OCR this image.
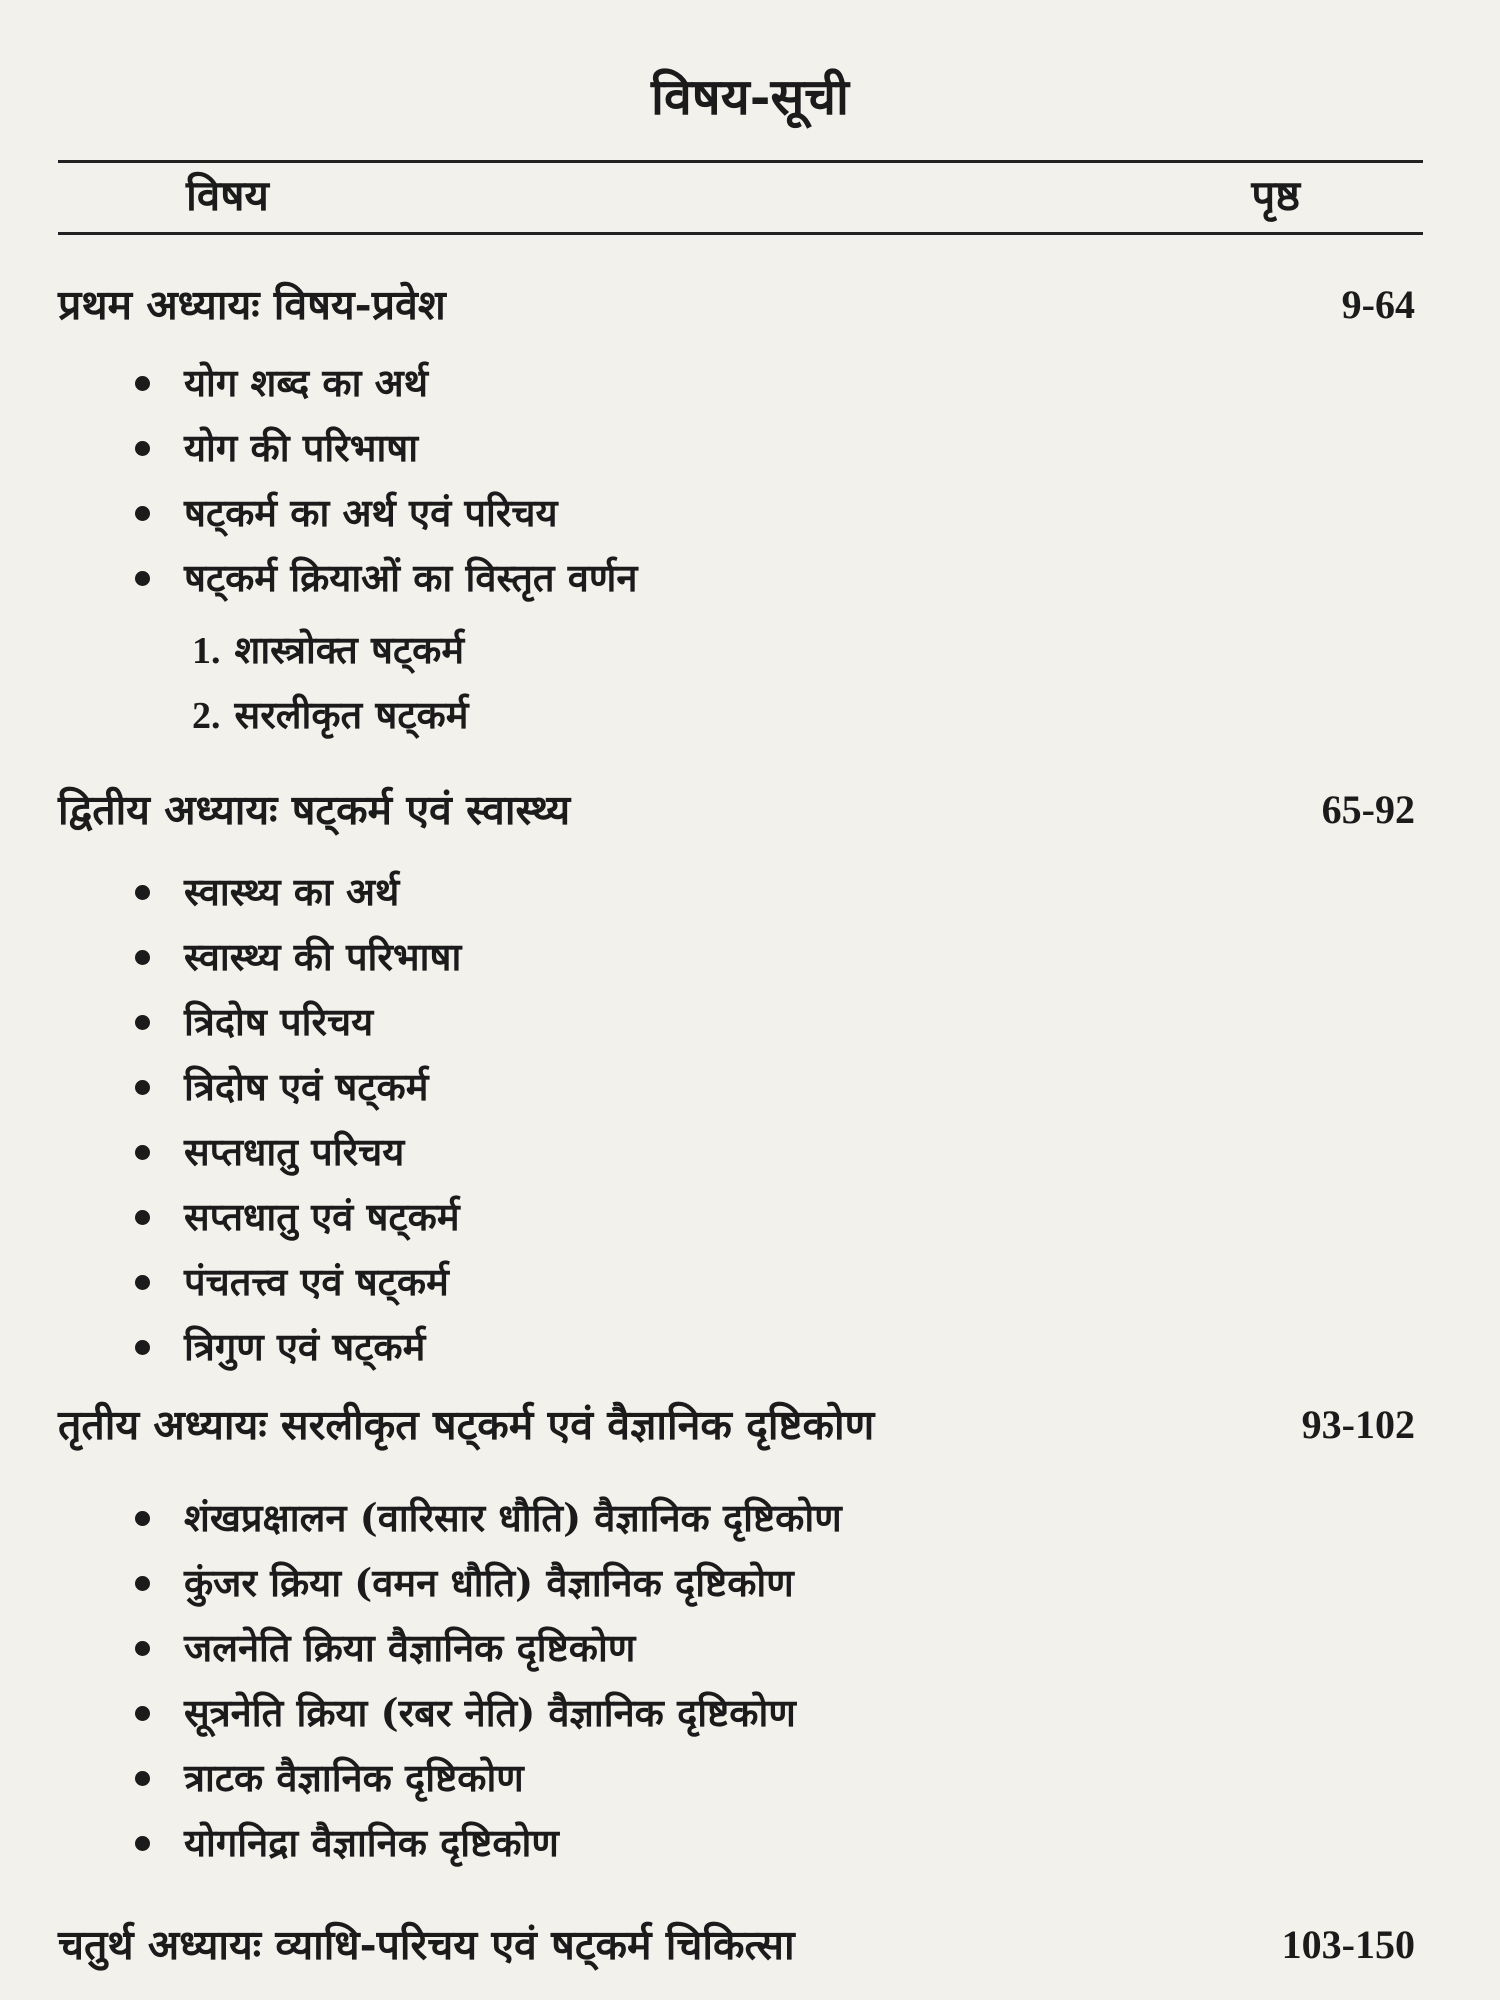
विषय-सूची
विषय	पृष्ठ
प्रथम अध्यायः विषय-प्रवेश	9-64
योग शब्द का अर्थ
योग की परिभाषा
षट्कर्म का अर्थ एवं परिचय
षट्कर्म क्रियाओं का विस्तृत वर्णन
1. शास्त्रोक्त षट्कर्म
2. सरलीकृत षट्कर्म
द्वितीय अध्यायः षट्कर्म एवं स्वास्थ्य	65-92
स्वास्थ्य का अर्थ
स्वास्थ्य की परिभाषा
त्रिदोष परिचय
त्रिदोष एवं षट्कर्म
सप्तधातु परिचय
सप्तधातु एवं षट्कर्म
पंचतत्त्व एवं षट्कर्म
त्रिगुण एवं षट्कर्म
तृतीय अध्यायः सरलीकृत षट्कर्म एवं वैज्ञानिक दृष्टिकोण	93-102
शंखप्रक्षालन (वारिसार धौति) वैज्ञानिक दृष्टिकोण
कुंजर क्रिया (वमन धौति) वैज्ञानिक दृष्टिकोण
जलनेति क्रिया वैज्ञानिक दृष्टिकोण
सूत्रनेति क्रिया (रबर नेति) वैज्ञानिक दृष्टिकोण
त्राटक वैज्ञानिक दृष्टिकोण
योगनिद्रा वैज्ञानिक दृष्टिकोण
चतुर्थ अध्यायः व्याधि-परिचय एवं षट्कर्म चिकित्सा	103-150
